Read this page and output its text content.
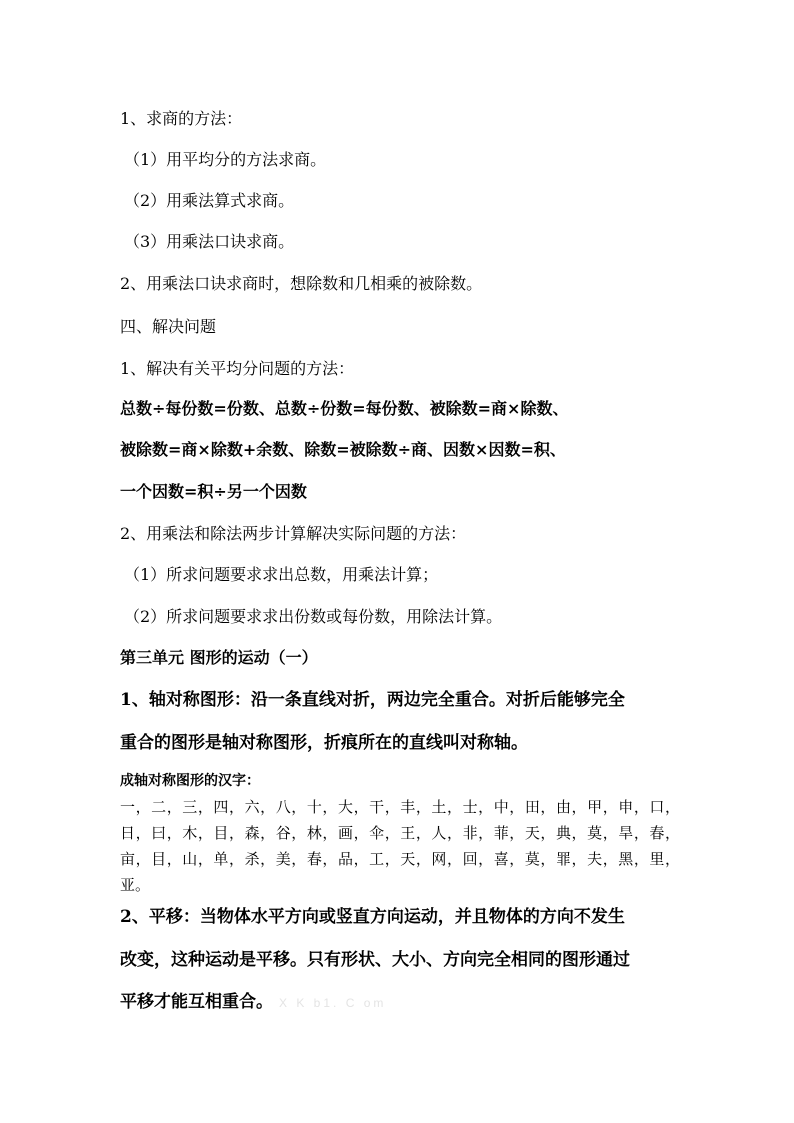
1、求商的方法：
（1）用平均分的方法求商。
（2）用乘法算式求商。
（3）用乘法口诀求商。
2、用乘法口诀求商时，想除数和几相乘的被除数。
四、解决问题
1、解决有关平均分问题的方法：
总数÷每份数=份数、总数÷份数=每份数、被除数=商×除数、
被除数=商×除数+余数、除数=被除数÷商、因数×因数=积、
一个因数=积÷另一个因数
2、用乘法和除法两步计算解决实际问题的方法：
（1）所求问题要求求出总数，用乘法计算；
（2）所求问题要求求出份数或每份数，用除法计算。
第三单元 图形的运动（一）
1、轴对称图形：沿一条直线对折，两边完全重合。对折后能够完全
重合的图形是轴对称图形，折痕所在的直线叫对称轴。
成轴对称图形的汉字：
一，二，三，四，六，八，十，大，干，丰，土，士，中，田，由，甲，申，口，日，曰，木，目，森，谷，林，画，伞，王，人，非，菲，天，典，莫，旱，春，亩，目，山，单，杀，美，春，品，工，天，网，回，喜，莫，罪，夫，黑，里，亚。
2、平移：当物体水平方向或竖直方向运动，并且物体的方向不发生
改变，这种运动是平移。只有形状、大小、方向完全相同的图形通过
平移才能互相重合。 X K b1. C om
